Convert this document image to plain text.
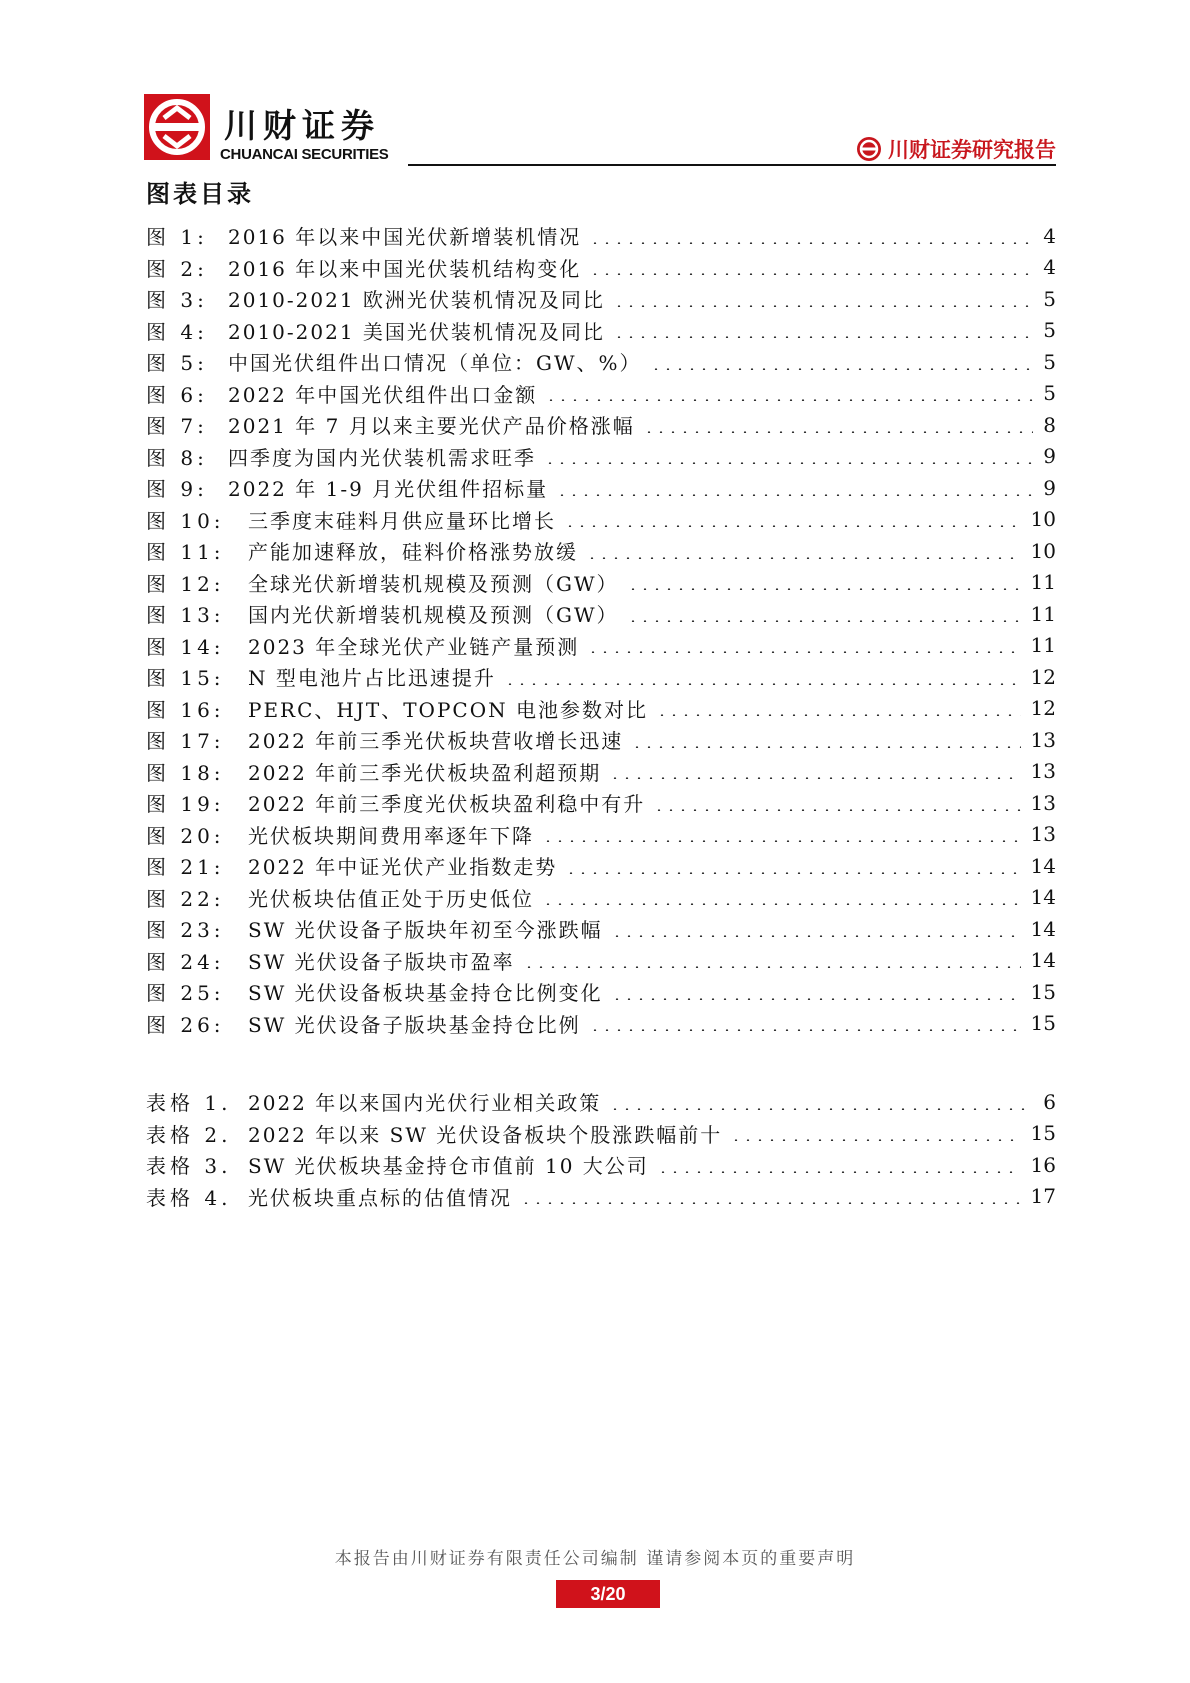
川财证券
CHUANCAI SECURITIES	川财证券研究报告
图表目录
图 1:	2016 年以来中国光伏新增装机情况	4
图 2:	2016 年以来中国光伏装机结构变化	4
图 3:	2010-2021 欧洲光伏装机情况及同比	5
图 4:	2010-2021 美国光伏装机情况及同比	5
图 5:	中国光伏组件出口情况（单位：GW、%）	5
图 6:	2022 年中国光伏组件出口金额	5
图 7:	2021 年 7 月以来主要光伏产品价格涨幅	8
图 8:	四季度为国内光伏装机需求旺季	9
图 9:	2022 年 1-9 月光伏组件招标量	9
图 10:	三季度末硅料月供应量环比增长	10
图 11:	产能加速释放，硅料价格涨势放缓	10
图 12:	全球光伏新增装机规模及预测（GW）	11
图 13:	国内光伏新增装机规模及预测（GW）	11
图 14:	2023 年全球光伏产业链产量预测	11
图 15:	N 型电池片占比迅速提升	12
图 16:	PERC、HJT、TOPCON 电池参数对比	12
图 17:	2022 年前三季光伏板块营收增长迅速	13
图 18:	2022 年前三季光伏板块盈利超预期	13
图 19:	2022 年前三季度光伏板块盈利稳中有升	13
图 20:	光伏板块期间费用率逐年下降	13
图 21:	2022 年中证光伏产业指数走势	14
图 22:	光伏板块估值正处于历史低位	14
图 23:	SW 光伏设备子版块年初至今涨跌幅	14
图 24:	SW 光伏设备子版块市盈率	14
图 25:	SW 光伏设备板块基金持仓比例变化	15
图 26:	SW 光伏设备子版块基金持仓比例	15
表格 1. 2022 年以来国内光伏行业相关政策	6
表格 2. 2022 年以来 SW 光伏设备板块个股涨跌幅前十	15
表格 3. SW 光伏板块基金持仓市值前 10 大公司	16
表格 4. 光伏板块重点标的估值情况	17
本报告由川财证券有限责任公司编制 谨请参阅本页的重要声明
3/20
